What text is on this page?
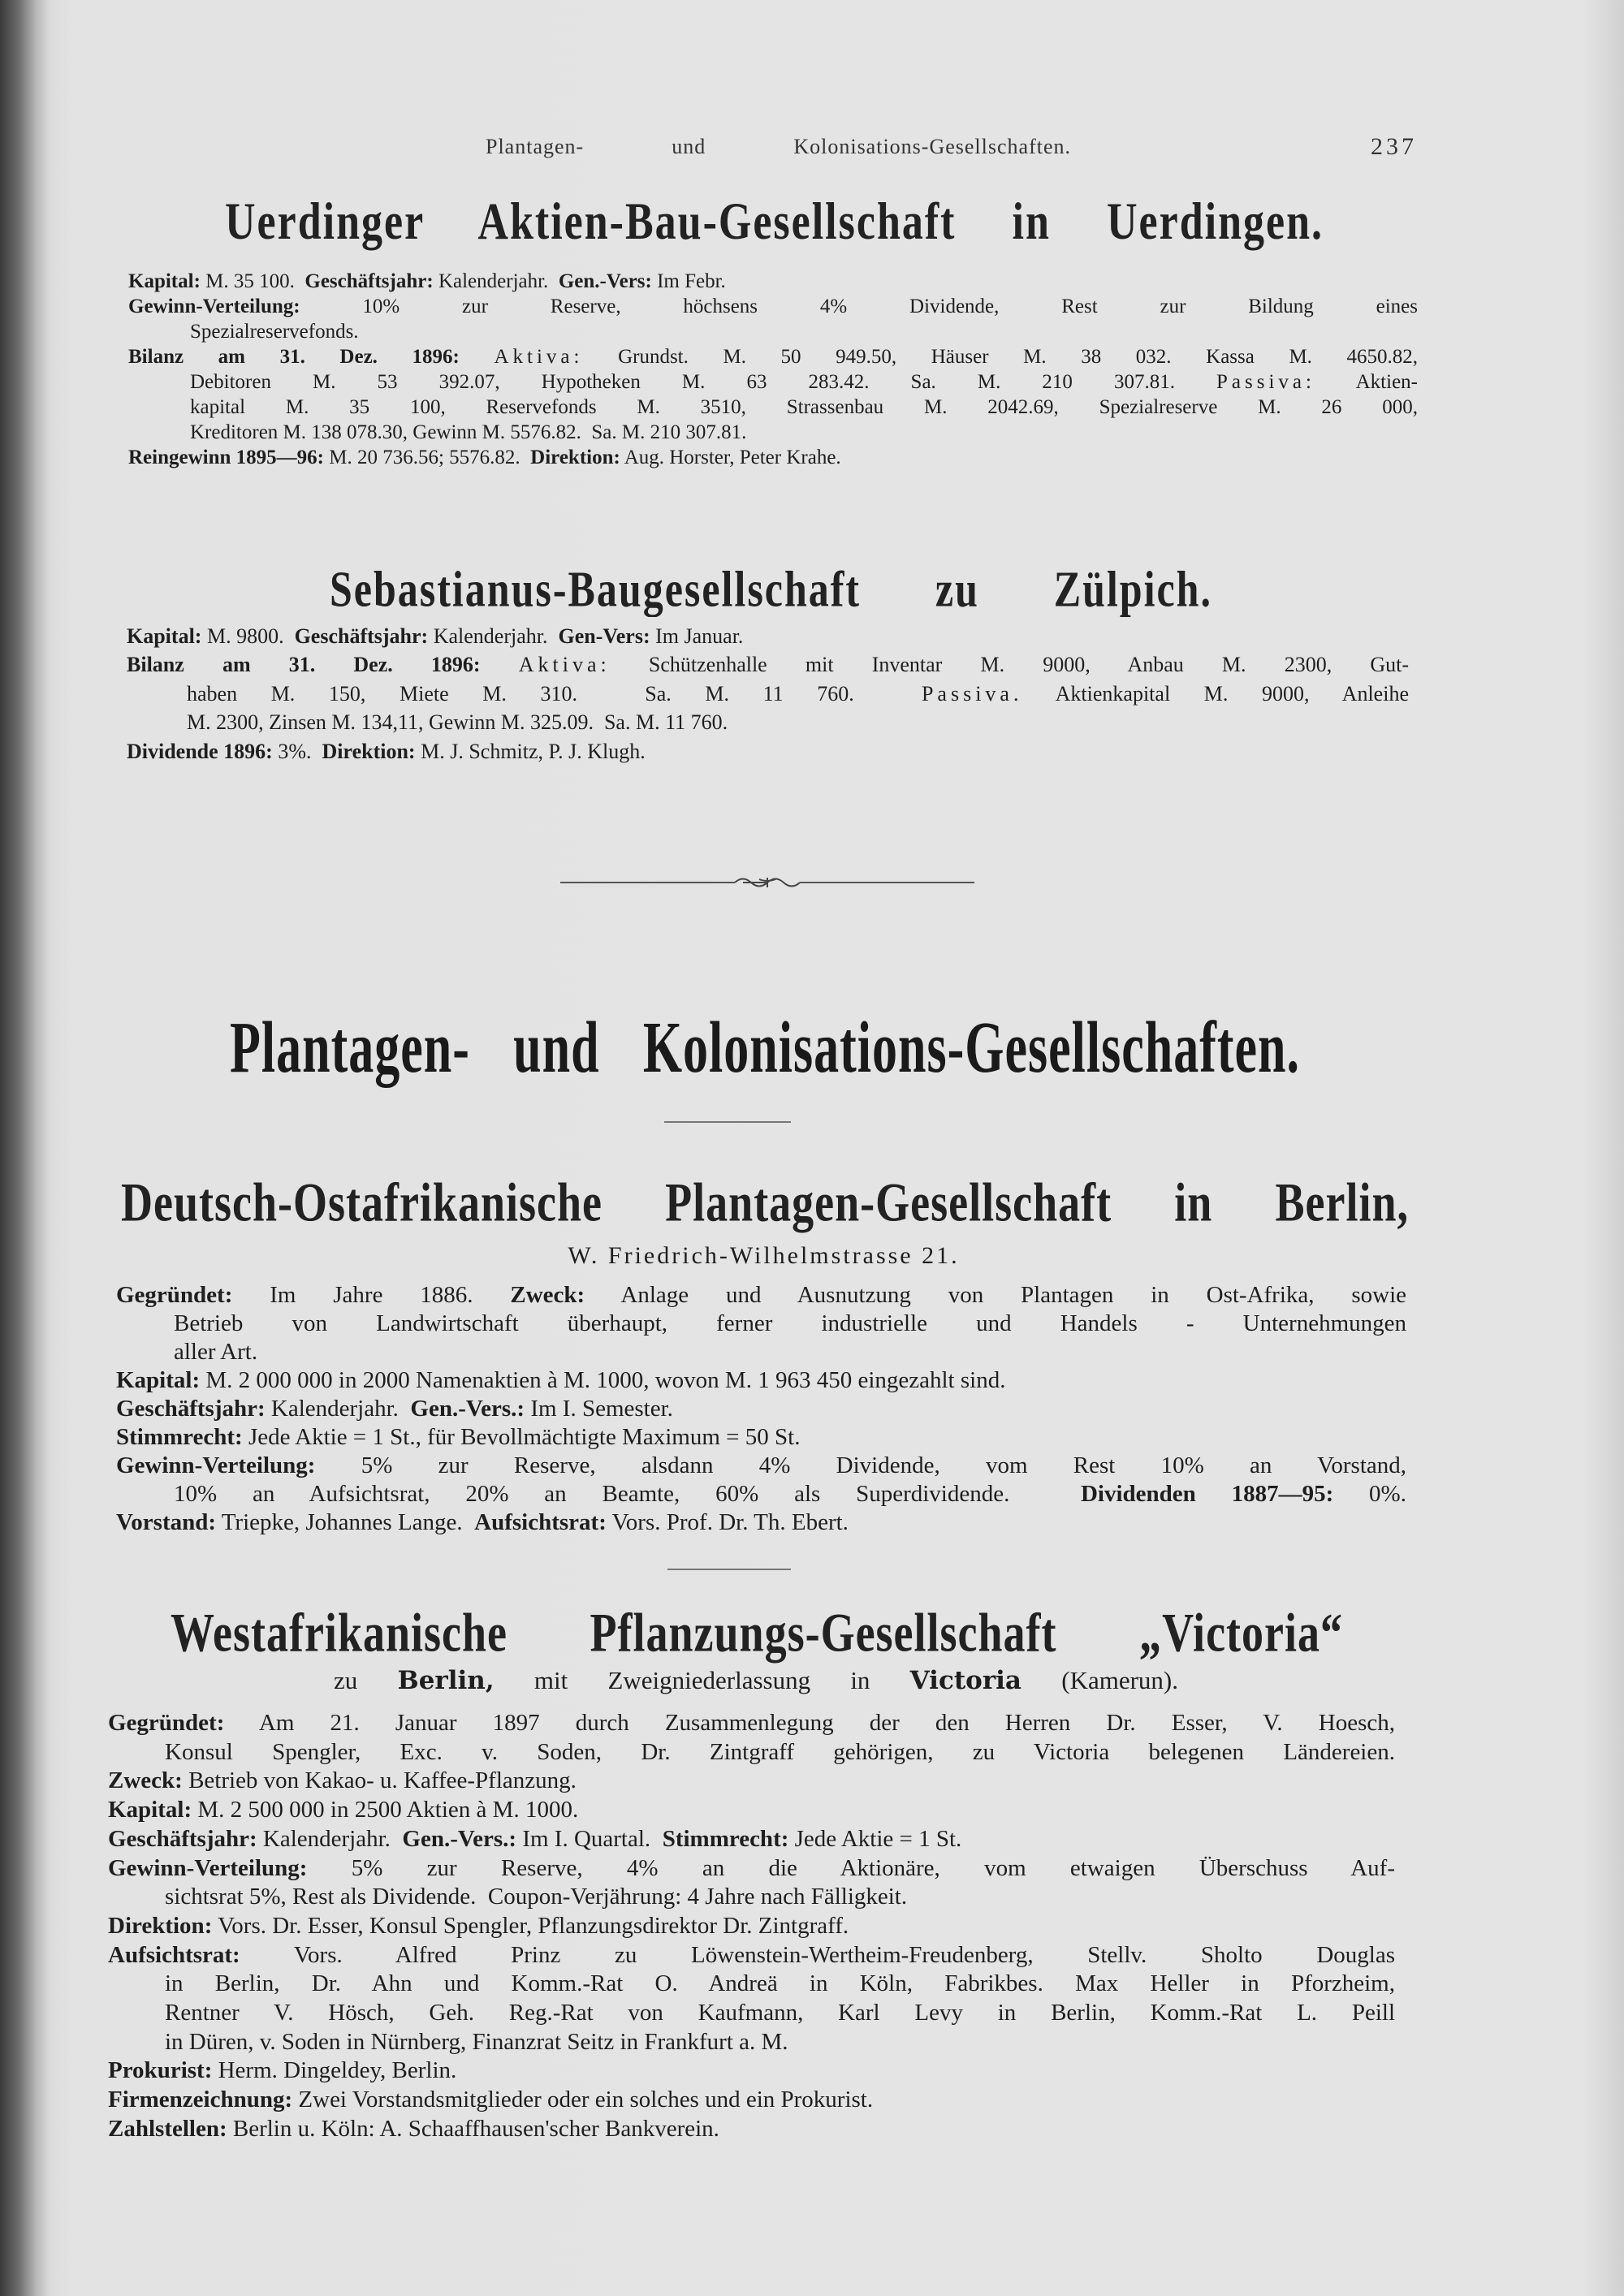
Plantagen- und Kolonisations-Gesellschaften.	237
Uerdinger Aktien-Bau-Gesellschaft in Uerdingen.
Kapital: M. 35 100.  Geschäftsjahr: Kalenderjahr.  Gen.-Vers: Im Febr.
Gewinn-Verteilung: 10% zur Reserve, höchsens 4% Dividende, Rest zur Bildung eines
Spezialreservefonds.
Bilanz am 31. Dez. 1896: Aktiva: Grundst. M. 50 949.50, Häuser M. 38 032. Kassa M. 4650.82,
Debitoren M. 53 392.07, Hypotheken M. 63 283.42. Sa. M. 210 307.81. Passiva: Aktien-
kapital M. 35 100, Reservefonds M. 3510, Strassenbau M. 2042.69, Spezialreserve M. 26 000,
Kreditoren M. 138 078.30, Gewinn M. 5576.82.  Sa. M. 210 307.81.
Reingewinn 1895—96: M. 20 736.56; 5576.82.  Direktion: Aug. Horster, Peter Krahe.
Sebastianus-Baugesellschaft zu Zülpich.
Kapital: M. 9800.  Geschäftsjahr: Kalenderjahr.  Gen-Vers: Im Januar.
Bilanz am 31. Dez. 1896: Aktiva: Schützenhalle mit Inventar M. 9000, Anbau M. 2300, Gut-
haben M. 150, Miete M. 310.  Sa. M. 11 760.  Passiva. Aktienkapital M. 9000, Anleihe
M. 2300, Zinsen M. 134,11, Gewinn M. 325.09.  Sa. M. 11 760.
Dividende 1896: 3%.  Direktion: M. J. Schmitz, P. J. Klugh.
Plantagen- und Kolonisations-Gesellschaften.
Deutsch-Ostafrikanische Plantagen-Gesellschaft in Berlin,
W. Friedrich-Wilhelmstrasse 21.
Gegründet: Im Jahre 1886. Zweck: Anlage und Ausnutzung von Plantagen in Ost-Afrika, sowie
Betrieb von Landwirtschaft überhaupt, ferner industrielle und Handels - Unternehmungen
aller Art.
Kapital: M. 2 000 000 in 2000 Namenaktien à M. 1000, wovon M. 1 963 450 eingezahlt sind.
Geschäftsjahr: Kalenderjahr.  Gen.-Vers.: Im I. Semester.
Stimmrecht: Jede Aktie = 1 St., für Bevollmächtigte Maximum = 50 St.
Gewinn-Verteilung: 5% zur Reserve, alsdann 4% Dividende, vom Rest 10% an Vorstand,
10% an Aufsichtsrat, 20% an Beamte, 60% als Superdividende.  Dividenden 1887—95: 0%.
Vorstand: Triepke, Johannes Lange.  Aufsichtsrat: Vors. Prof. Dr. Th. Ebert.
Westafrikanische Pflanzungs-Gesellschaft „Victoria“
zu Berlin, mit Zweigniederlassung in Victoria (Kamerun).
Gegründet: Am 21. Januar 1897 durch Zusammenlegung der den Herren Dr. Esser, V. Hoesch,
Konsul Spengler, Exc. v. Soden, Dr. Zintgraff gehörigen, zu Victoria belegenen Ländereien.
Zweck: Betrieb von Kakao- u. Kaffee-Pflanzung.
Kapital: M. 2 500 000 in 2500 Aktien à M. 1000.
Geschäftsjahr: Kalenderjahr.  Gen.-Vers.: Im I. Quartal.  Stimmrecht: Jede Aktie = 1 St.
Gewinn-Verteilung: 5% zur Reserve, 4% an die Aktionäre, vom etwaigen Überschuss Auf-
sichtsrat 5%, Rest als Dividende.  Coupon-Verjährung: 4 Jahre nach Fälligkeit.
Direktion: Vors. Dr. Esser, Konsul Spengler, Pflanzungsdirektor Dr. Zintgraff.
Aufsichtsrat: Vors. Alfred Prinz zu Löwenstein-Wertheim-Freudenberg, Stellv. Sholto Douglas
in Berlin, Dr. Ahn und Komm.-Rat O. Andreä in Köln, Fabrikbes. Max Heller in Pforzheim,
Rentner V. Hösch, Geh. Reg.-Rat von Kaufmann, Karl Levy in Berlin, Komm.-Rat L. Peill
in Düren, v. Soden in Nürnberg, Finanzrat Seitz in Frankfurt a. M.
Prokurist: Herm. Dingeldey, Berlin.
Firmenzeichnung: Zwei Vorstandsmitglieder oder ein solches und ein Prokurist.
Zahlstellen: Berlin u. Köln: A. Schaaffhausen'scher Bankverein.
